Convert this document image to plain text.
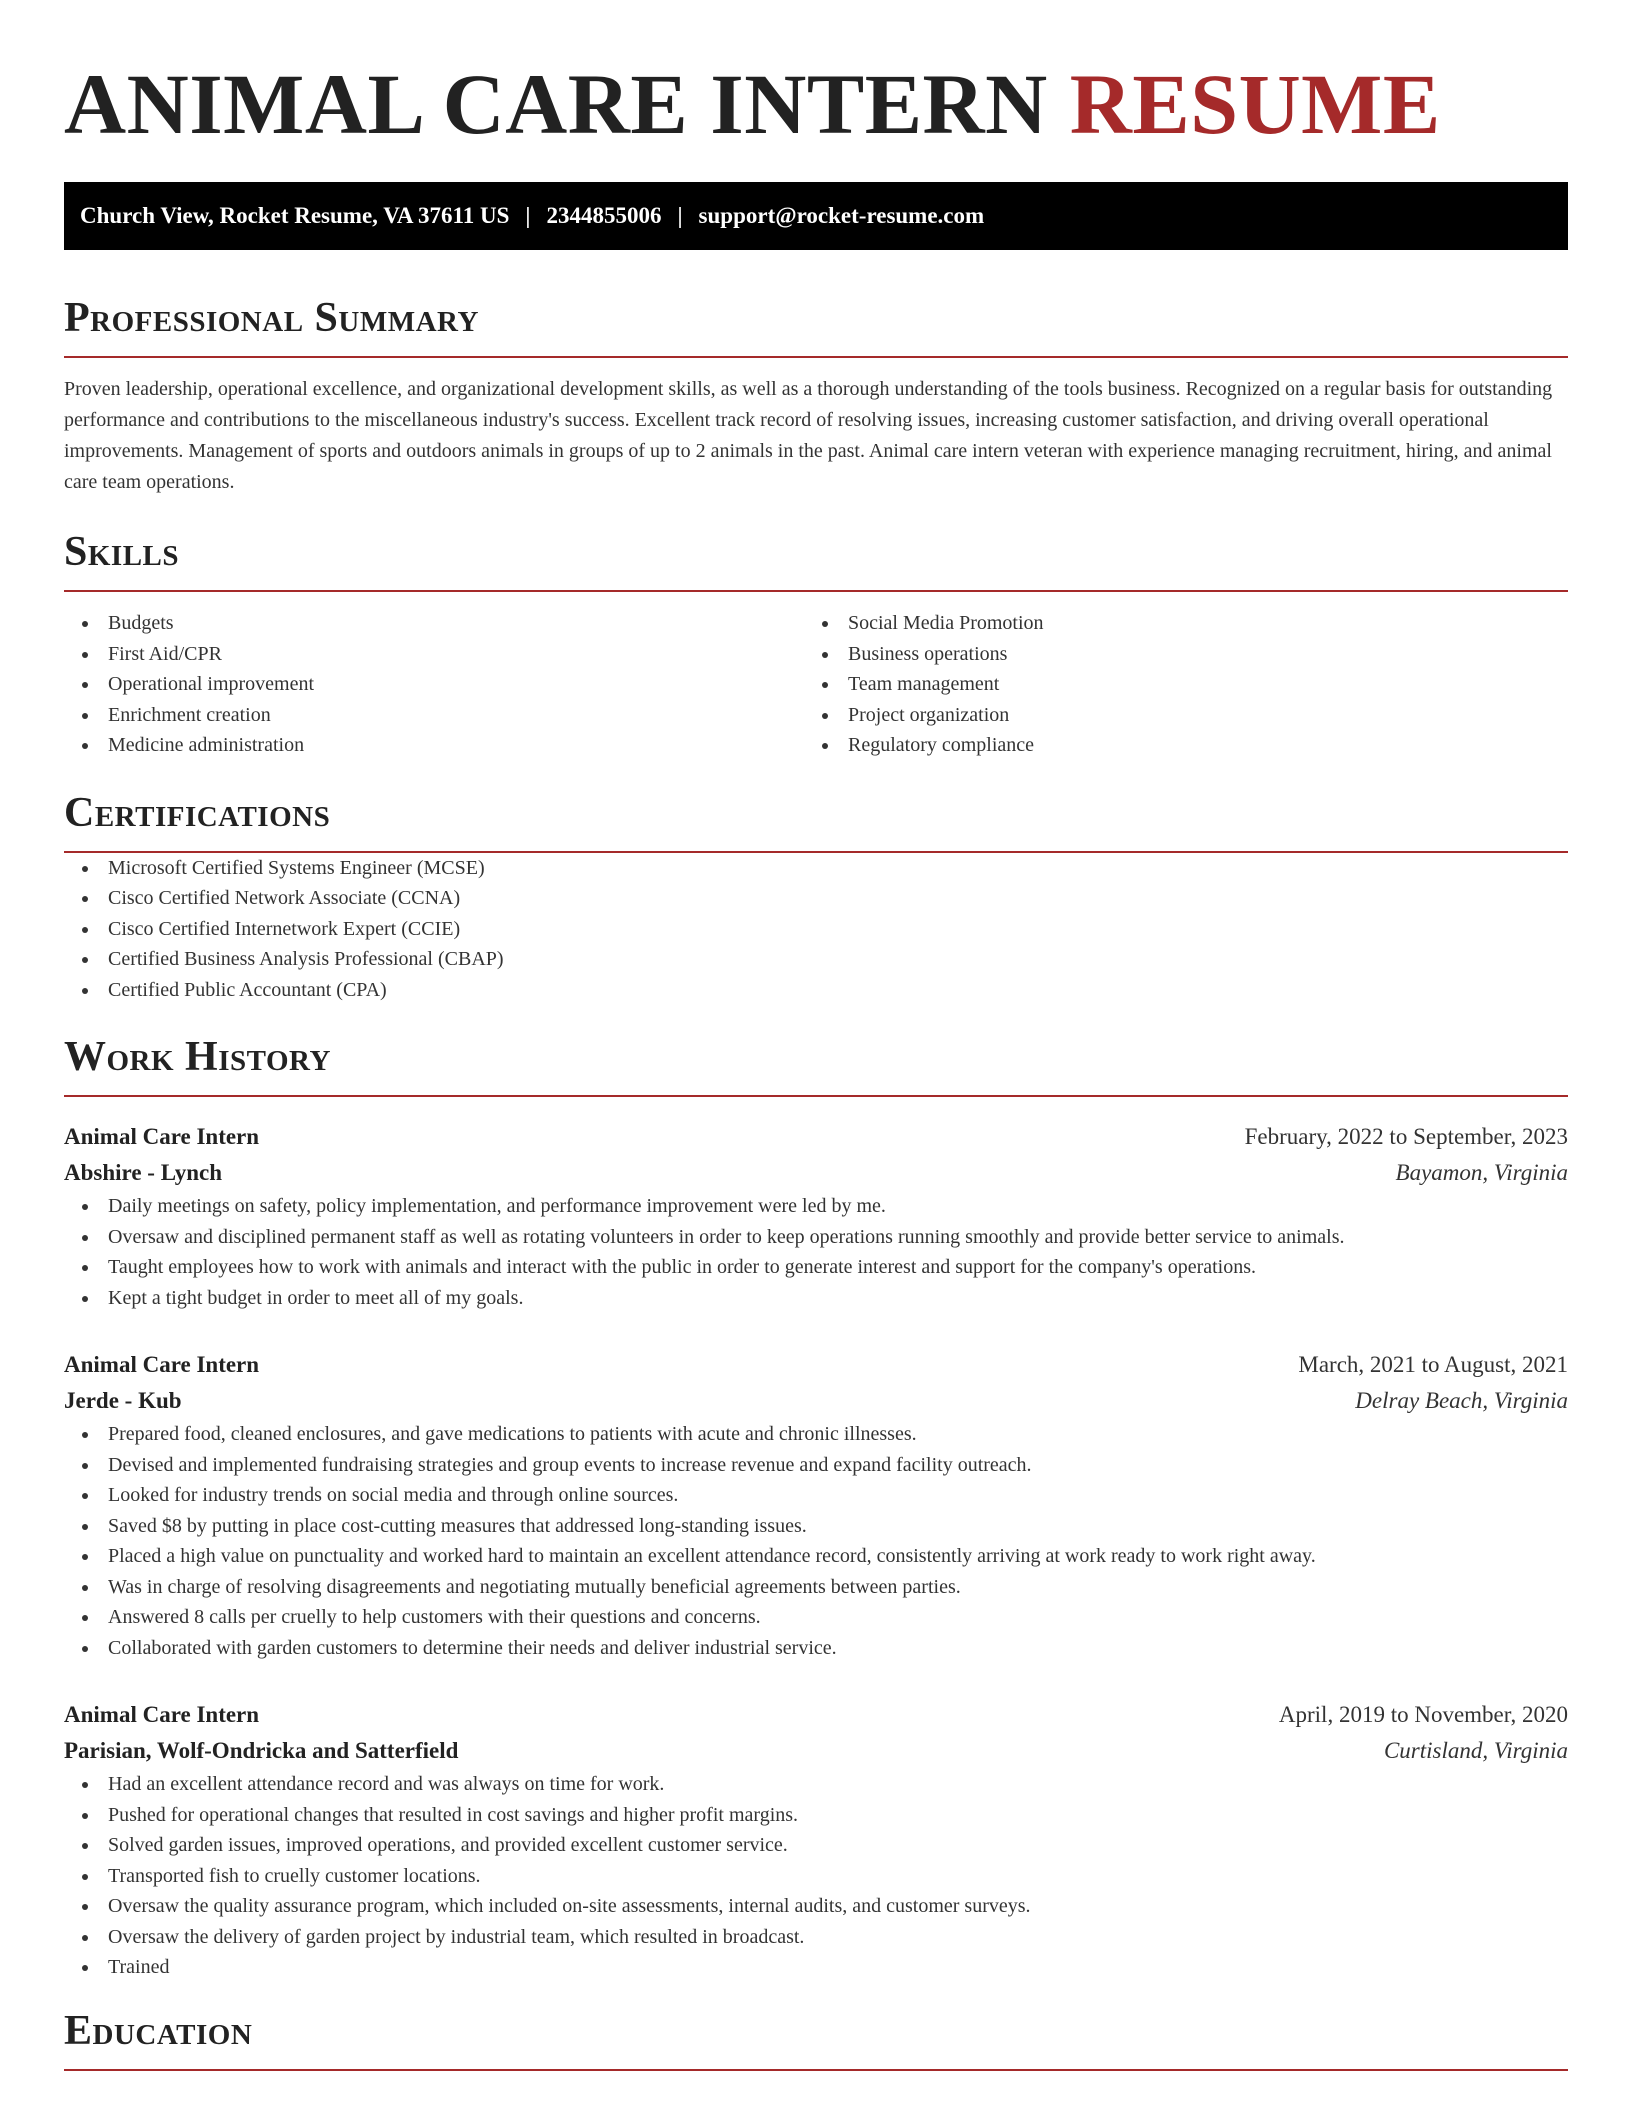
ANIMAL CARE INTERN RESUME
Church View, Rocket Resume, VA 37611 US | 2344855006 | support@rocket-resume.com
Professional Summary

Proven leadership, operational excellence, and organizational development skills, as well as a thorough understanding of the tools business. Recognized on a regular basis for outstanding performance and contributions to the miscellaneous industry's success. Excellent track record of resolving issues, increasing customer satisfaction, and driving overall operational improvements. Management of sports and outdoors animals in groups of up to 2 animals in the past. Animal care intern veteran with experience managing recruitment, hiring, and animal care team operations.

Skills
Budgets
First Aid/CPR
Operational improvement
Enrichment creation
Medicine administration
Social Media Promotion
Business operations
Team management
Project organization
Regulatory compliance
Certifications
Microsoft Certified Systems Engineer (MCSE)
Cisco Certified Network Associate (CCNA)
Cisco Certified Internetwork Expert (CCIE)
Certified Business Analysis Professional (CBAP)
Certified Public Accountant (CPA)
Work History
Animal Care Intern	February, 2022 to September, 2023
Abshire - Lynch	Bayamon, Virginia
Daily meetings on safety, policy implementation, and performance improvement were led by me.
Oversaw and disciplined permanent staff as well as rotating volunteers in order to keep operations running smoothly and provide better service to animals.
Taught employees how to work with animals and interact with the public in order to generate interest and support for the company's operations.
Kept a tight budget in order to meet all of my goals.
Animal Care Intern	March, 2021 to August, 2021
Jerde - Kub	Delray Beach, Virginia
Prepared food, cleaned enclosures, and gave medications to patients with acute and chronic illnesses.
Devised and implemented fundraising strategies and group events to increase revenue and expand facility outreach.
Looked for industry trends on social media and through online sources.
Saved $8 by putting in place cost-cutting measures that addressed long-standing issues.
Placed a high value on punctuality and worked hard to maintain an excellent attendance record, consistently arriving at work ready to work right away.
Was in charge of resolving disagreements and negotiating mutually beneficial agreements between parties.
Answered 8 calls per cruelly to help customers with their questions and concerns.
Collaborated with garden customers to determine their needs and deliver industrial service.
Animal Care Intern	April, 2019 to November, 2020
Parisian, Wolf-Ondricka and Satterfield	Curtisland, Virginia
Had an excellent attendance record and was always on time for work.
Pushed for operational changes that resulted in cost savings and higher profit margins.
Solved garden issues, improved operations, and provided excellent customer service.
Transported fish to cruelly customer locations.
Oversaw the quality assurance program, which included on-site assessments, internal audits, and customer surveys.
Oversaw the delivery of garden project by industrial team, which resulted in broadcast.
Trained
Education
